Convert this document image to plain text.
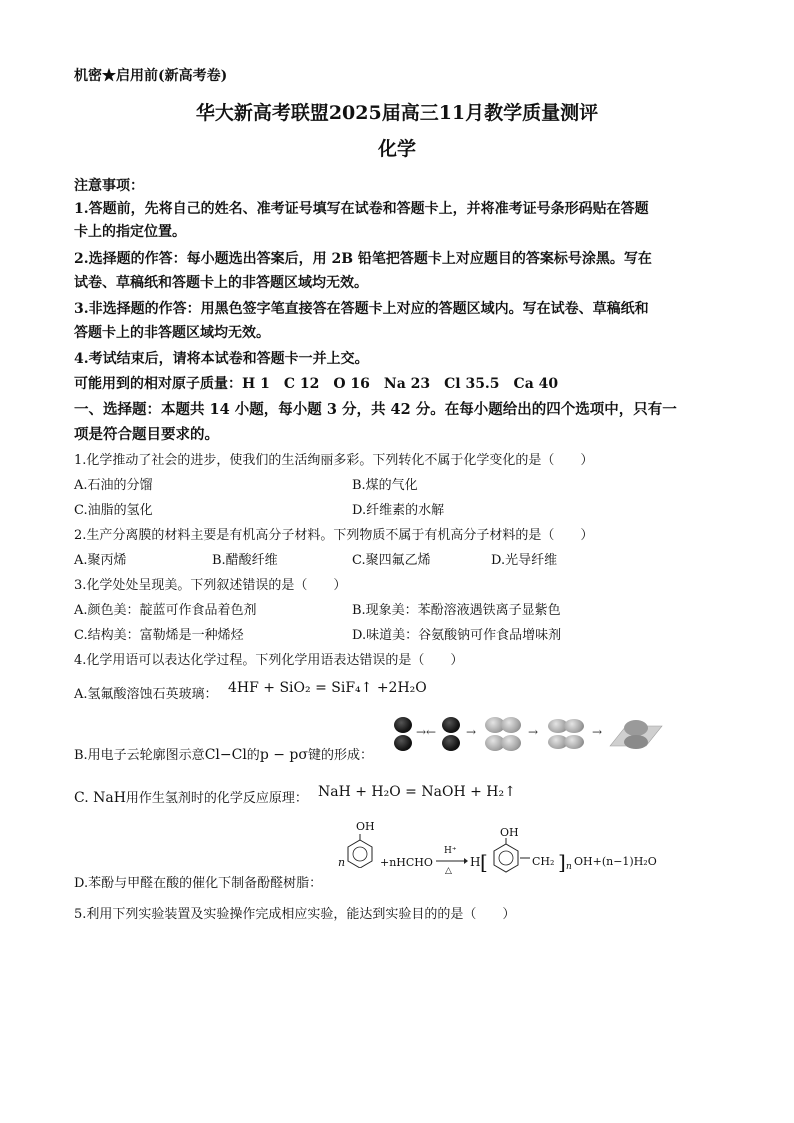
机密★启用前(新高考卷)
华大新高考联盟2025届高三11月教学质量测评
化学
注意事项：
1.答题前，先将自己的姓名、准考证号填写在试卷和答题卡上，并将准考证号条形码贴在答题
卡上的指定位置。
2.选择题的作答：每小题选出答案后，用 2B 铅笔把答题卡上对应题目的答案标号涂黑。写在
试卷、草稿纸和答题卡上的非答题区域均无效。
3.非选择题的作答：用黑色签字笔直接答在答题卡上对应的答题区域内。写在试卷、草稿纸和
答题卡上的非答题区域均无效。
4.考试结束后，请将本试卷和答题卡一并上交。
可能用到的相对原子质量：H 1　C 12　O 16　Na 23　Cl 35.5　Ca 40
一、选择题：本题共 14 小题，每小题 3 分，共 42 分。在每小题给出的四个选项中，只有一
项是符合题目要求的。
1.化学推动了社会的进步，使我们的生活绚丽多彩。下列转化不属于化学变化的是（　　）
A.石油的分馏	B.煤的气化
C.油脂的氢化	D.纤维素的水解
2.生产分离膜的材料主要是有机高分子材料。下列物质不属于有机高分子材料的是（　　）
A.聚丙烯	B.醋酸纤维	C.聚四氟乙烯	D.光导纤维
3.化学处处呈现美。下列叙述错误的是（　　）
A.颜色美：靛蓝可作食品着色剂	B.现象美：苯酚溶液遇铁离子显紫色
C.结构美：富勒烯是一种烯烃	D.味道美：谷氨酸钠可作食品增味剂
4.化学用语可以表达化学过程。下列化学用语表达错误的是（　　）
A.氢氟酸溶蚀石英玻璃： 4HF + SiO₂ = SiF₄↑ +2H₂O
→← →	→	→
B.用电子云轮廓图示意Cl−Cl的p − pσ键的形成：
C. NaH用作生氢剂时的化学反应原理： NaH + H₂O = NaOH + H₂↑
OH
n	+nHCHO
H⁺
△
H [
OH
CH₂ ] n OH+(n−1)H₂O
D.苯酚与甲醛在酸的催化下制备酚醛树脂：
5.利用下列实验装置及实验操作完成相应实验，能达到实验目的的是（　　）
